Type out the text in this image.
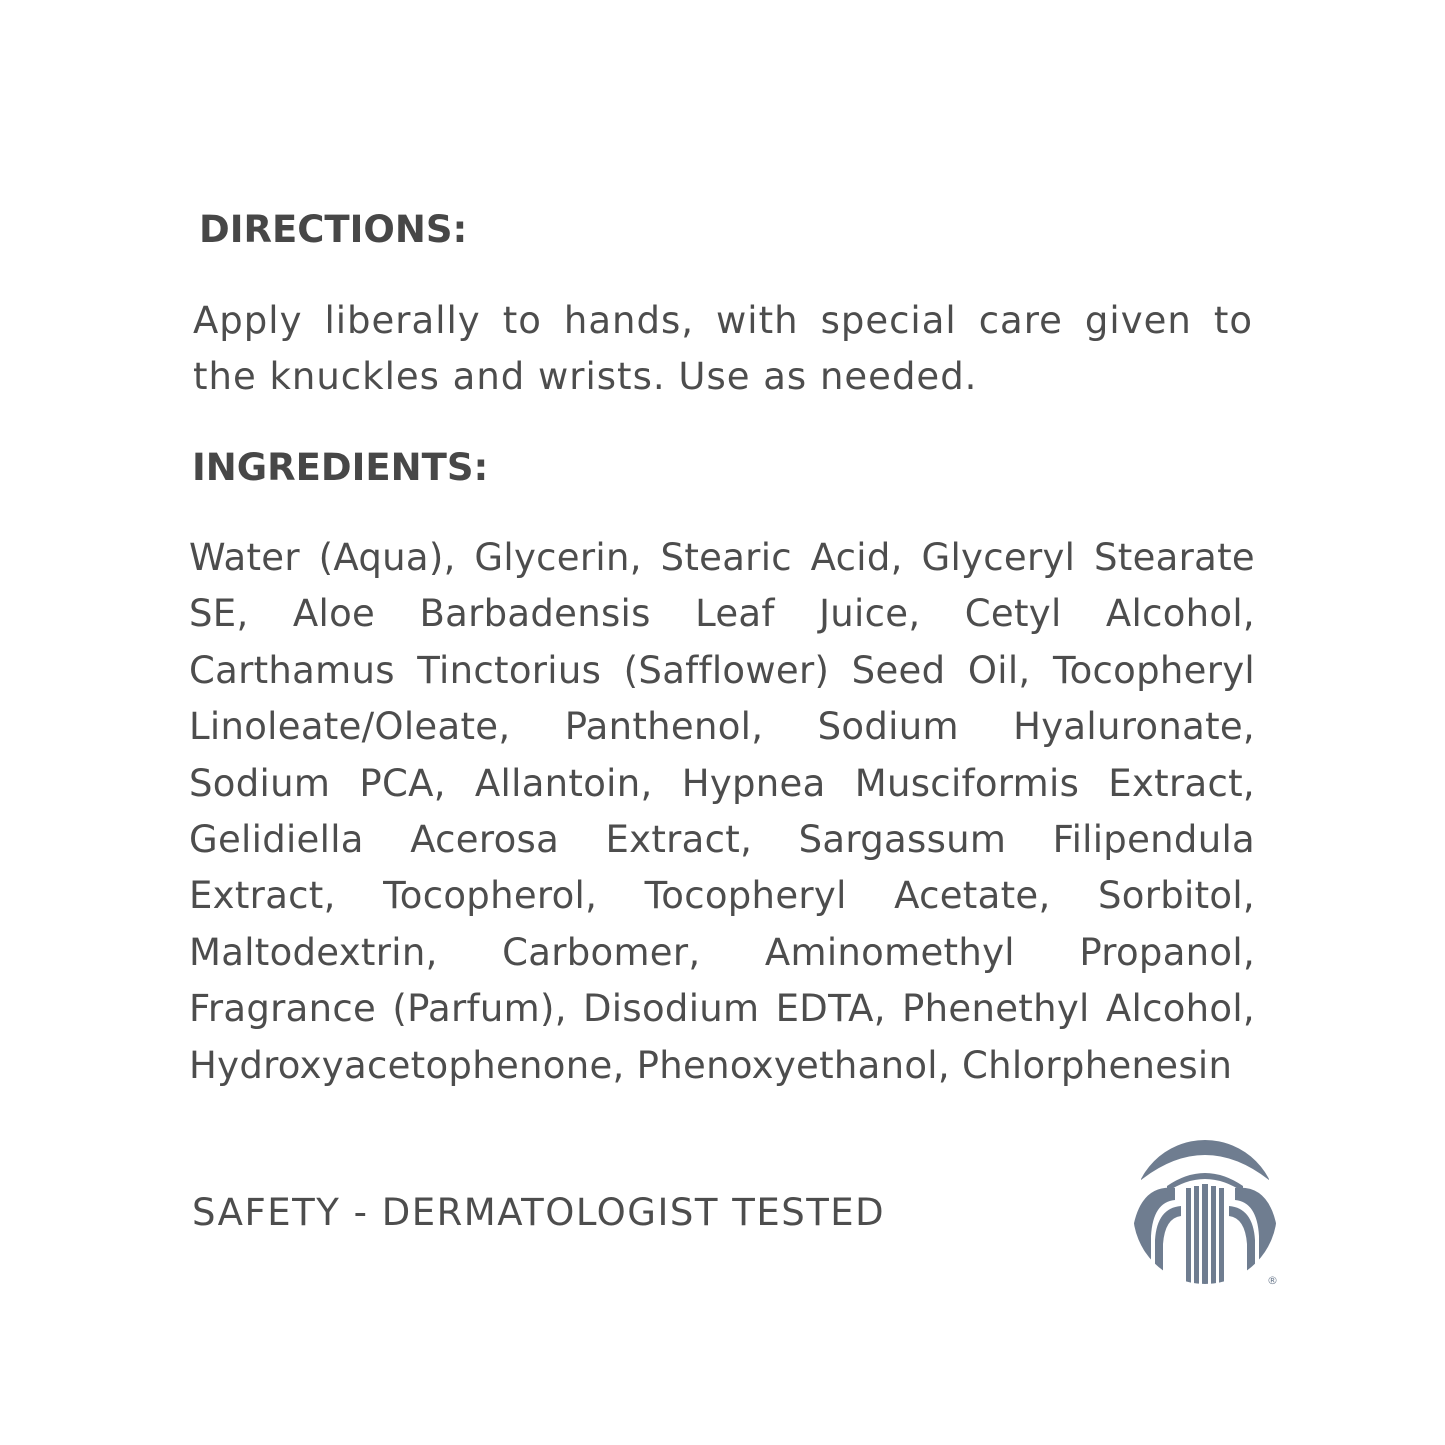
DIRECTIONS:

Apply liberally to hands, with special care given to the knuckles and wrists. Use as needed.

INGREDIENTS:

Water (Aqua), Glycerin, Stearic Acid, Glyceryl Stearate SE, Aloe Barbadensis Leaf Juice, Cetyl Alcohol, Carthamus Tinctorius (Safflower) Seed Oil, Tocopheryl Linoleate/Oleate, Panthenol, Sodium Hyaluronate, Sodium PCA, Allantoin, Hypnea Musciformis Extract, Gelidiella Acerosa Extract, Sargassum Filipendula Extract, Tocopherol, Tocopheryl Acetate, Sorbitol, Maltodextrin, Carbomer, Aminomethyl Propanol, Fragrance (Parfum), Disodium EDTA, Phenethyl Alcohol, Hydroxyacetophenone, Phenoxyethanol, Chlorphenesin

SAFETY - DERMATOLOGIST TESTED

®
